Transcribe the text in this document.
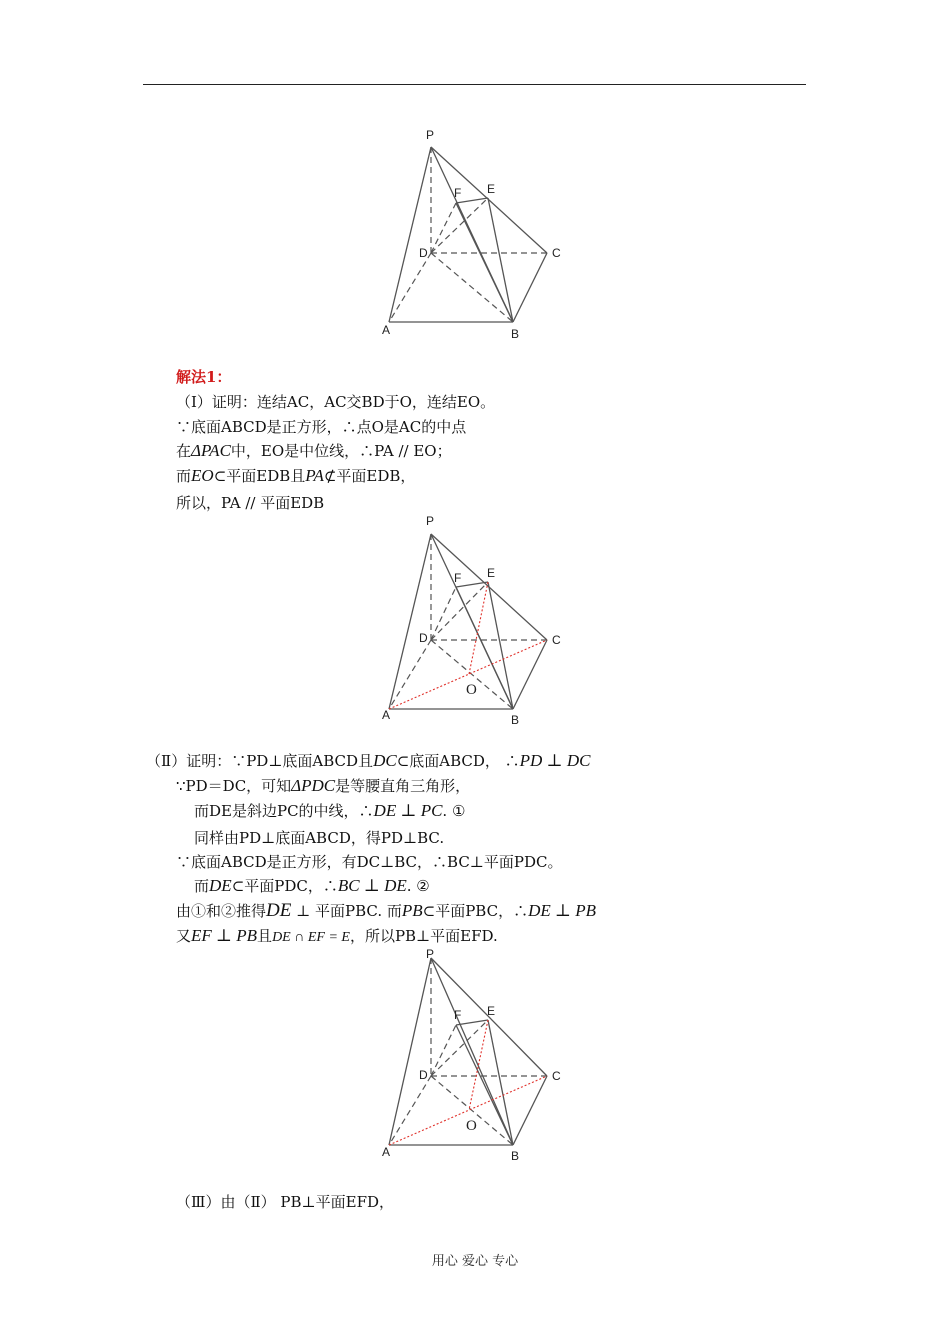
P
F E
D	C
A	B
解法1：
（Ⅰ）证明：连结AC，AC交BD于O，连结EO。
∵底面ABCD是正方形，∴点O是AC的中点
在ΔPAC中，EO是中位线，∴PA // EO；
而EO⊂平面EDB且PA⊄平面EDB，
所以，PA // 平面EDB
P
F E
D	C
O
A	B
（Ⅱ）证明：∵PD⊥底面ABCD且DC⊂底面ABCD， ∴PD ⊥ DC
∵PD＝DC，可知ΔPDC是等腰直角三角形，
而DE是斜边PC的中线，∴DE ⊥ PC. ①
同样由PD⊥底面ABCD，得PD⊥BC.
∵底面ABCD是正方形，有DC⊥BC，∴BC⊥平面PDC。
而DE⊂平面PDC，∴BC ⊥ DE. ②
由①和②推得DE ⊥ 平面PBC. 而PB⊂平面PBC，∴DE ⊥ PB
又EF ⊥ PB且DE ∩ EF = E，所以PB⊥平面EFD.
P
F E
D	C
O
A	B
（Ⅲ）由（Ⅱ） PB⊥平面EFD，
用心 爱心 专心
